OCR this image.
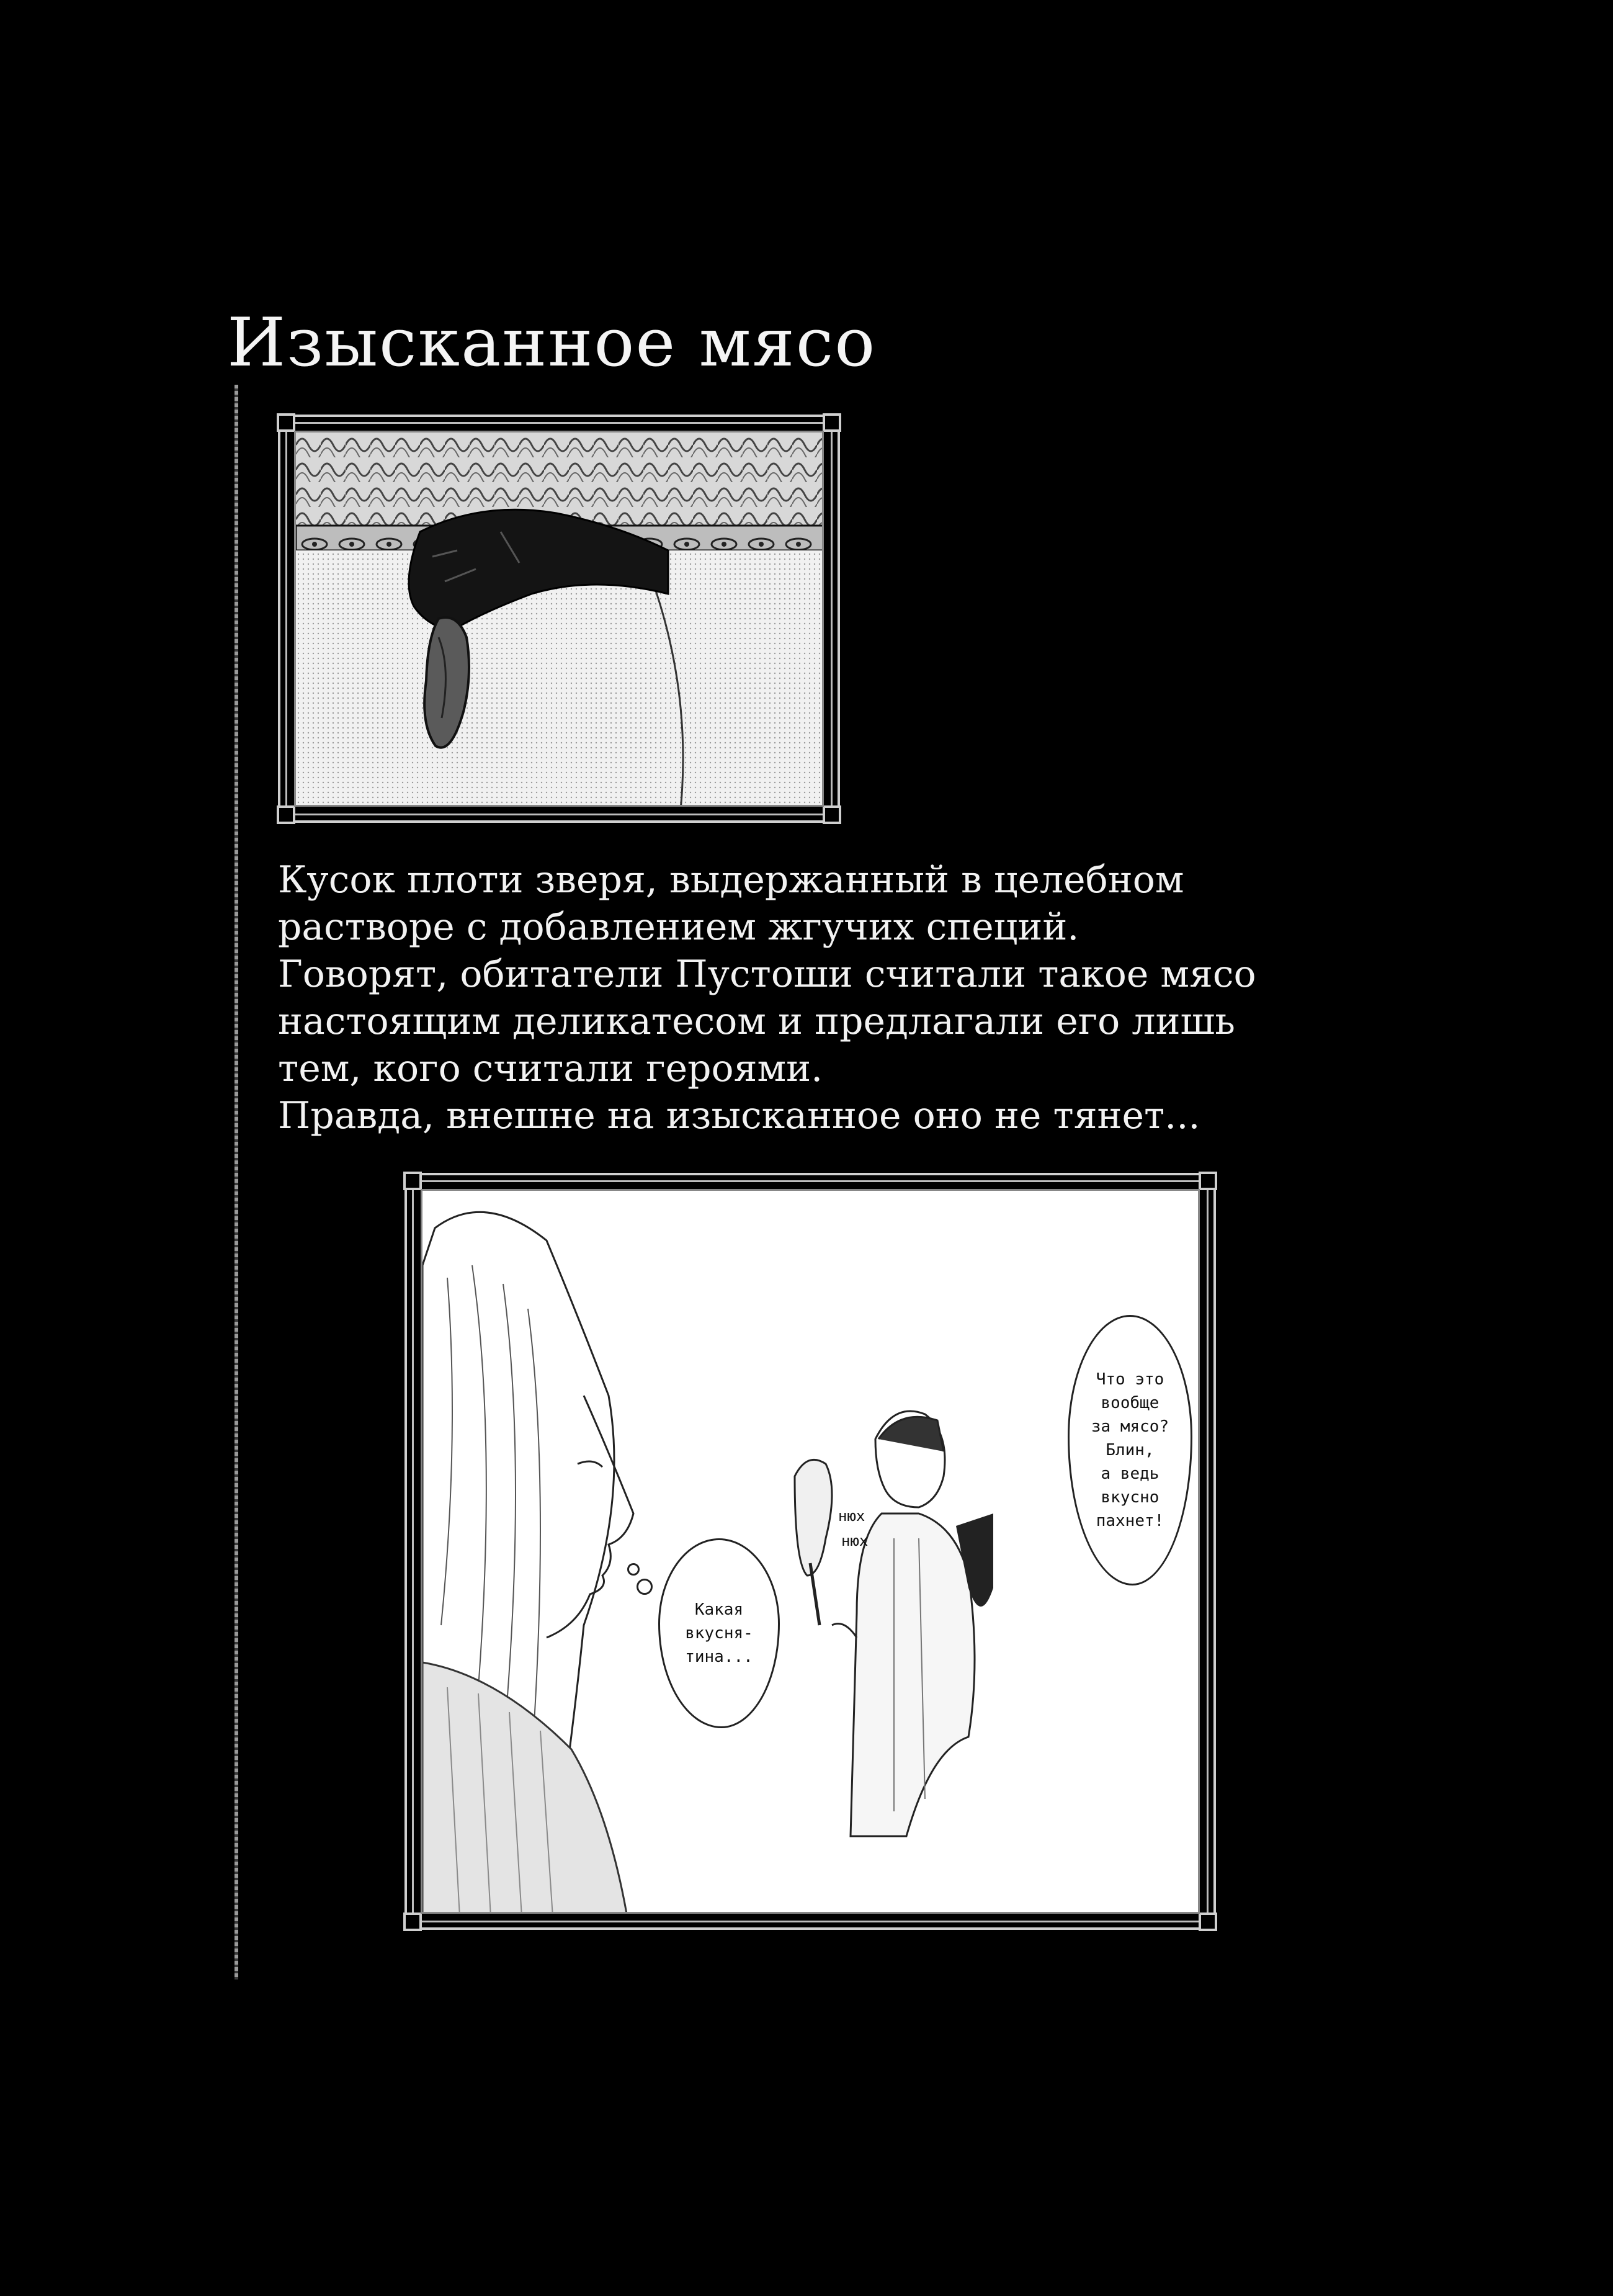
Изысканное мясо
Кусок плоти зверя, выдержанный в целебном
растворе с добавлением жгучих специй.
Говорят, обитатели Пустоши считали такое мясо
настоящим деликатесом и предлагали его лишь
тем, кого считали героями.
Правда, внешне на изысканное оно не тянет...
Какая
вкусня-
тина...
Что это
вообще
за мясо?
Блин,
а ведь
вкусно
пахнет!
нюх
нюх
